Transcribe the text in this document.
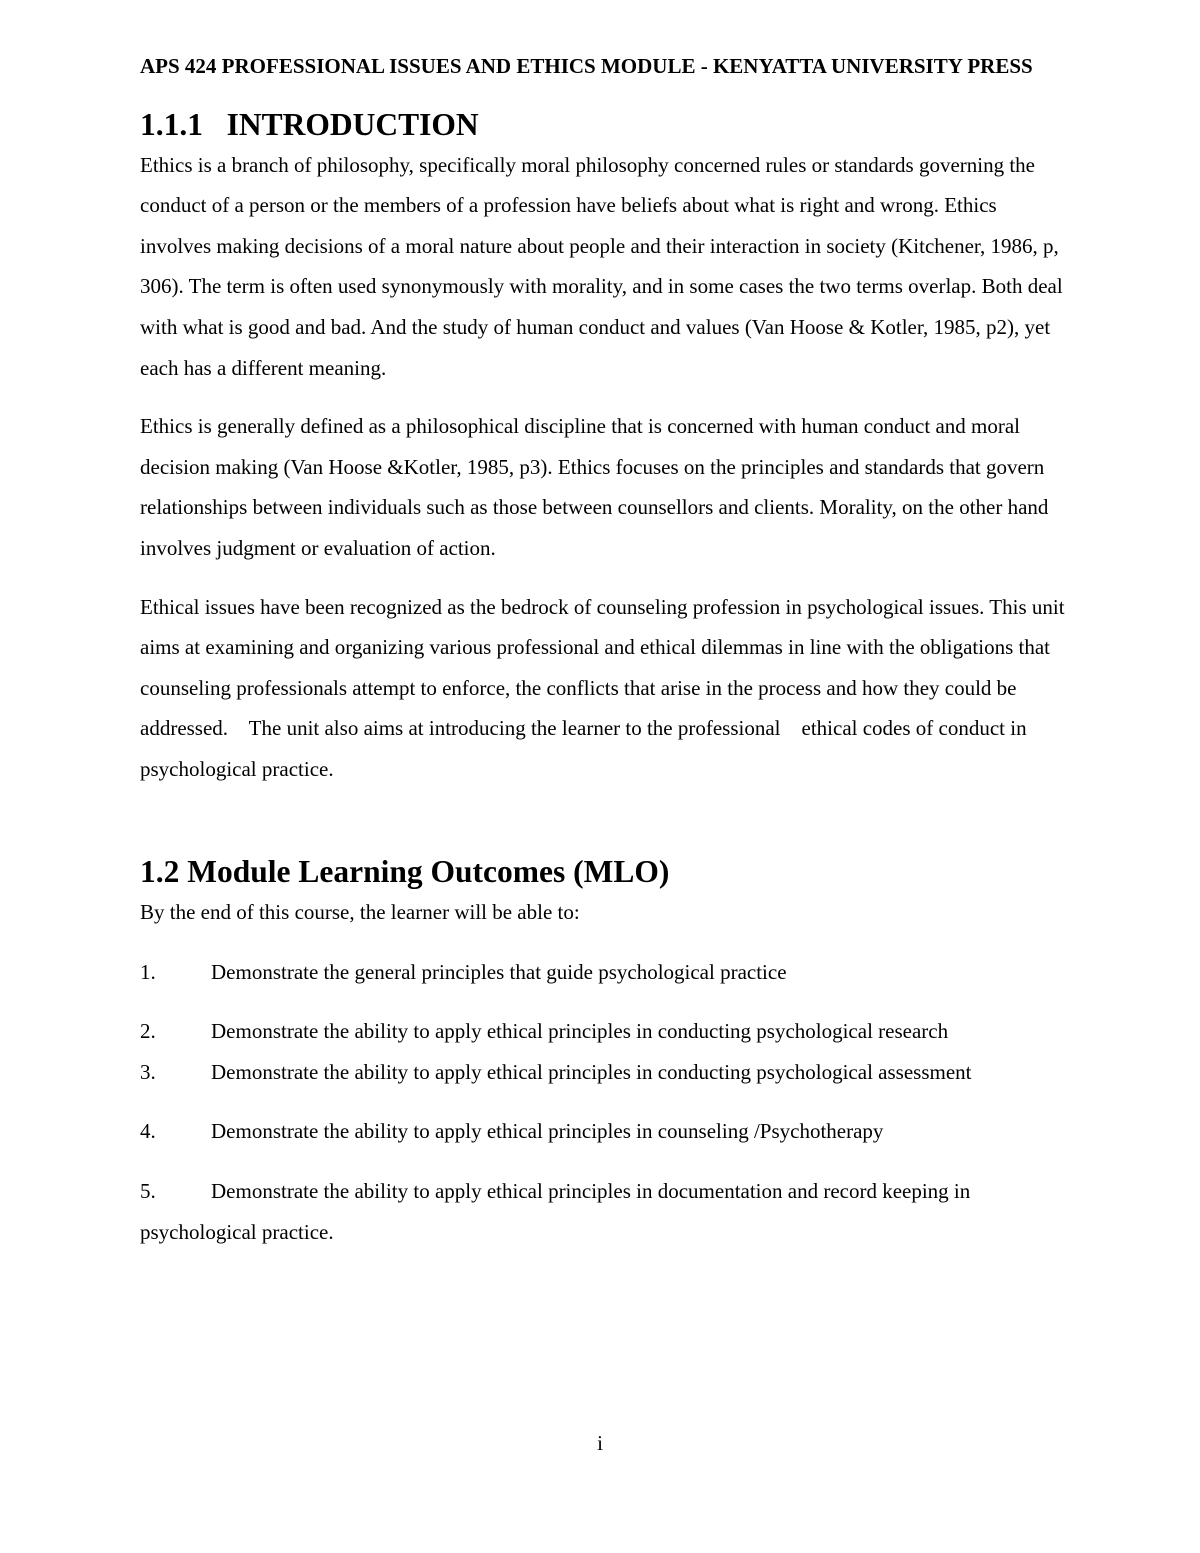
APS 424 PROFESSIONAL ISSUES AND ETHICS MODULE - KENYATTA UNIVERSITY PRESS
1.1.1   INTRODUCTION

Ethics is a branch of philosophy, specifically moral philosophy concerned rules or standards governing the conduct of a person or the members of a profession have beliefs about what is right and wrong. Ethics involves making decisions of a moral nature about people and their interaction in society (Kitchener, 1986, p, 306). The term is often used synonymously with morality, and in some cases the two terms overlap. Both deal with what is good and bad. And the study of human conduct and values (Van Hoose & Kotler, 1985, p2), yet each has a different meaning.

Ethics is generally defined as a philosophical discipline that is concerned with human conduct and moral decision making (Van Hoose &Kotler, 1985, p3). Ethics focuses on the principles and standards that govern relationships between individuals such as those between counsellors and clients. Morality, on the other hand involves judgment or evaluation of action.

Ethical issues have been recognized as the bedrock of counseling profession in psychological issues. This unit aims at examining and organizing various professional and ethical dilemmas in line with the obligations that counseling professionals attempt to enforce, the conflicts that arise in the process and how they could be addressed.    The unit also aims at introducing the learner to the professional    ethical codes of conduct in psychological practice.

1.2 Module Learning Outcomes (MLO)

By the end of this course, the learner will be able to:

1.	Demonstrate the general principles that guide psychological practice
2.	Demonstrate the ability to apply ethical principles in conducting psychological research
3.	Demonstrate the ability to apply ethical principles in conducting psychological assessment
4.	Demonstrate the ability to apply ethical principles in counseling /Psychotherapy
5.	Demonstrate the ability to apply ethical principles in documentation and record keeping in psychological practice.
i
